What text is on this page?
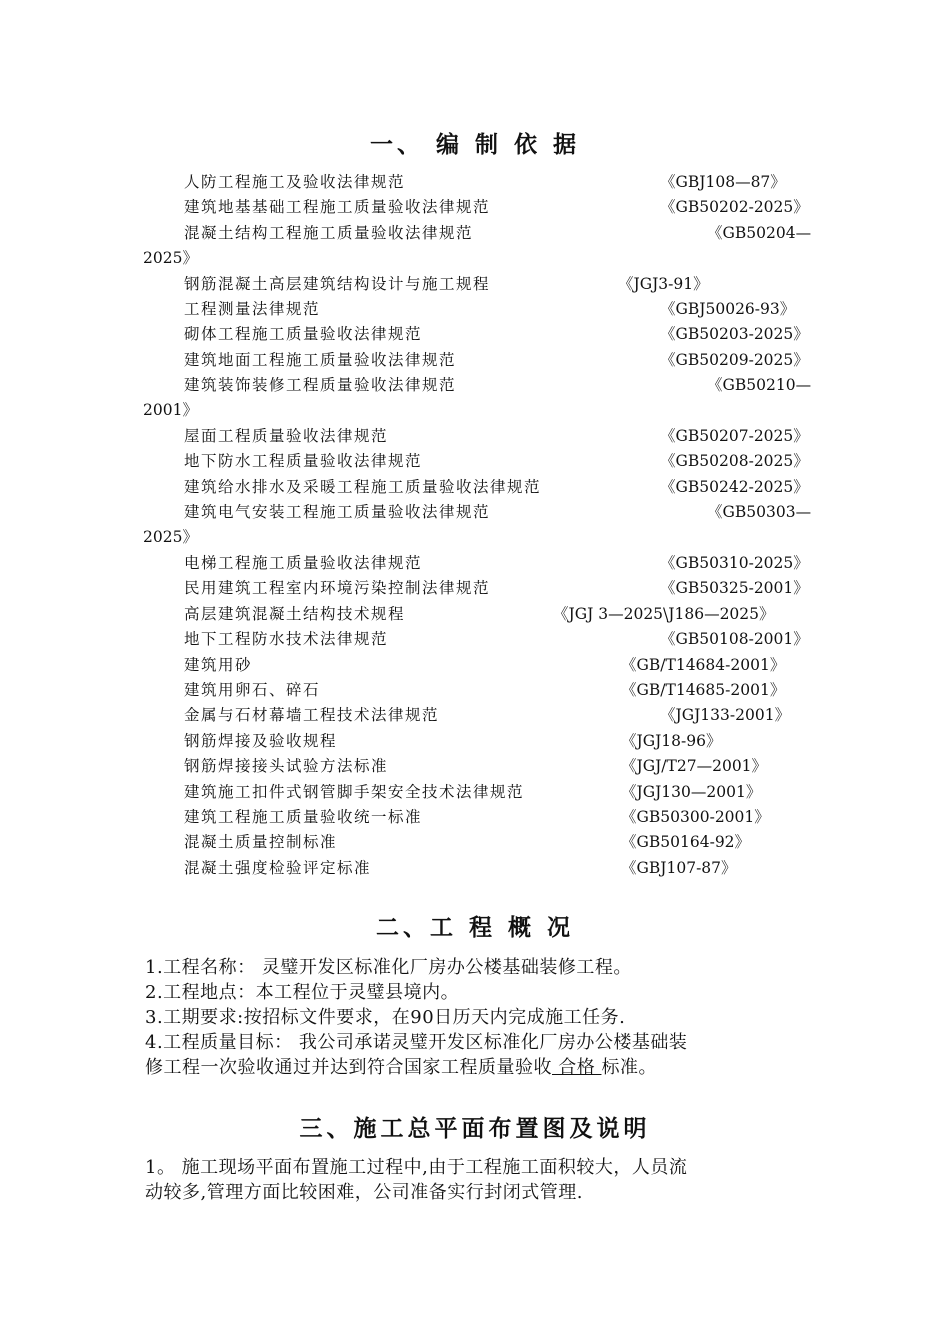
一、 编 制 依 据
人防工程施工及验收法律规范	《GBJ108—87》
建筑地基基础工程施工质量验收法律规范	《GB50202-2025》
混凝土结构工程施工质量验收法律规范	《GB50204—
2025》
钢筋混凝土高层建筑结构设计与施工规程	《JGJ3-91》
工程测量法律规范	《GBJ50026-93》
砌体工程施工质量验收法律规范	《GB50203-2025》
建筑地面工程施工质量验收法律规范	《GB50209-2025》
建筑装饰装修工程质量验收法律规范	《GB50210—
2001》
屋面工程质量验收法律规范	《GB50207-2025》
地下防水工程质量验收法律规范	《GB50208-2025》
建筑给水排水及采暖工程施工质量验收法律规范	《GB50242-2025》
建筑电气安装工程施工质量验收法律规范	《GB50303—
2025》
电梯工程施工质量验收法律规范	《GB50310-2025》
民用建筑工程室内环境污染控制法律规范	《GB50325-2001》
高层建筑混凝土结构技术规程	《JGJ 3—2025\J186—2025》
地下工程防水技术法律规范	《GB50108-2001》
建筑用砂	《GB/T14684-2001》
建筑用卵石、碎石	《GB/T14685-2001》
金属与石材幕墙工程技术法律规范	《JGJ133-2001》
钢筋焊接及验收规程	《JGJ18-96》
钢筋焊接接头试验方法标准	《JGJ/T27—2001》
建筑施工扣件式钢管脚手架安全技术法律规范	《JGJ130—2001》
建筑工程施工质量验收统一标准	《GB50300-2001》
混凝土质量控制标准	《GB50164-92》
混凝土强度检验评定标准	《GBJ107-87》
二、工 程 概 况
1.工程名称： 灵璧开发区标准化厂房办公楼基础装修工程。
2.工程地点：本工程位于灵璧县境内。
3.工期要求:按招标文件要求，在90日历天内完成施工任务.
4.工程质量目标： 我公司承诺灵璧开发区标准化厂房办公楼基础装
修工程一次验收通过并达到符合国家工程质量验收 合格 标准。
三、施工总平面布置图及说明
1。 施工现场平面布置施工过程中,由于工程施工面积较大，人员流
动较多,管理方面比较困难，公司准备实行封闭式管理.
